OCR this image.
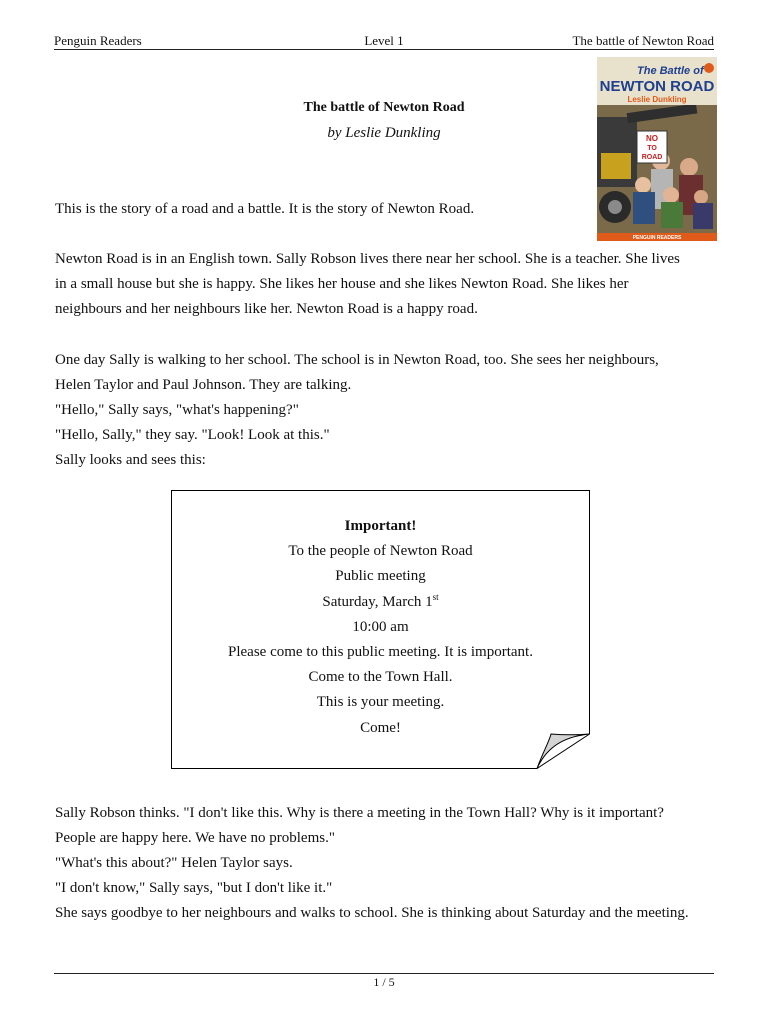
Penguin Readers	Level 1	The battle of Newton Road
NO
TO
ROAD
The Battle of
NEWTON ROAD
Leslie Dunkling
PENGUIN READERS
The battle of Newton Road
by Leslie Dunkling

This is the story of a road and a battle. It is the story of Newton Road.

Newton Road is in an English town. Sally Robson lives there near her school. She is a teacher. She lives
in a small house but she is happy. She likes her house and she likes Newton Road. She likes her
neighbours and her neighbours like her. Newton Road is a happy road.

One day Sally is walking to her school. The school is in Newton Road, too. She sees her neighbours,
Helen Taylor and Paul Johnson. They are talking.
"Hello," Sally says, "what's happening?"
"Hello, Sally," they say. "Look! Look at this."
Sally looks and sees this:

Important!
To the people of Newton Road
Public meeting
Saturday, March 1st
10:00 am
Please come to this public meeting. It is important.
Come to the Town Hall.
This is your meeting.
Come!

Sally Robson thinks. "I don't like this. Why is there a meeting in the Town Hall? Why is it important?
People are happy here. We have no problems."
"What's this about?" Helen Taylor says.
"I don't know," Sally says, "but I don't like it."
She says goodbye to her neighbours and walks to school. She is thinking about Saturday and the meeting.

1 / 5
